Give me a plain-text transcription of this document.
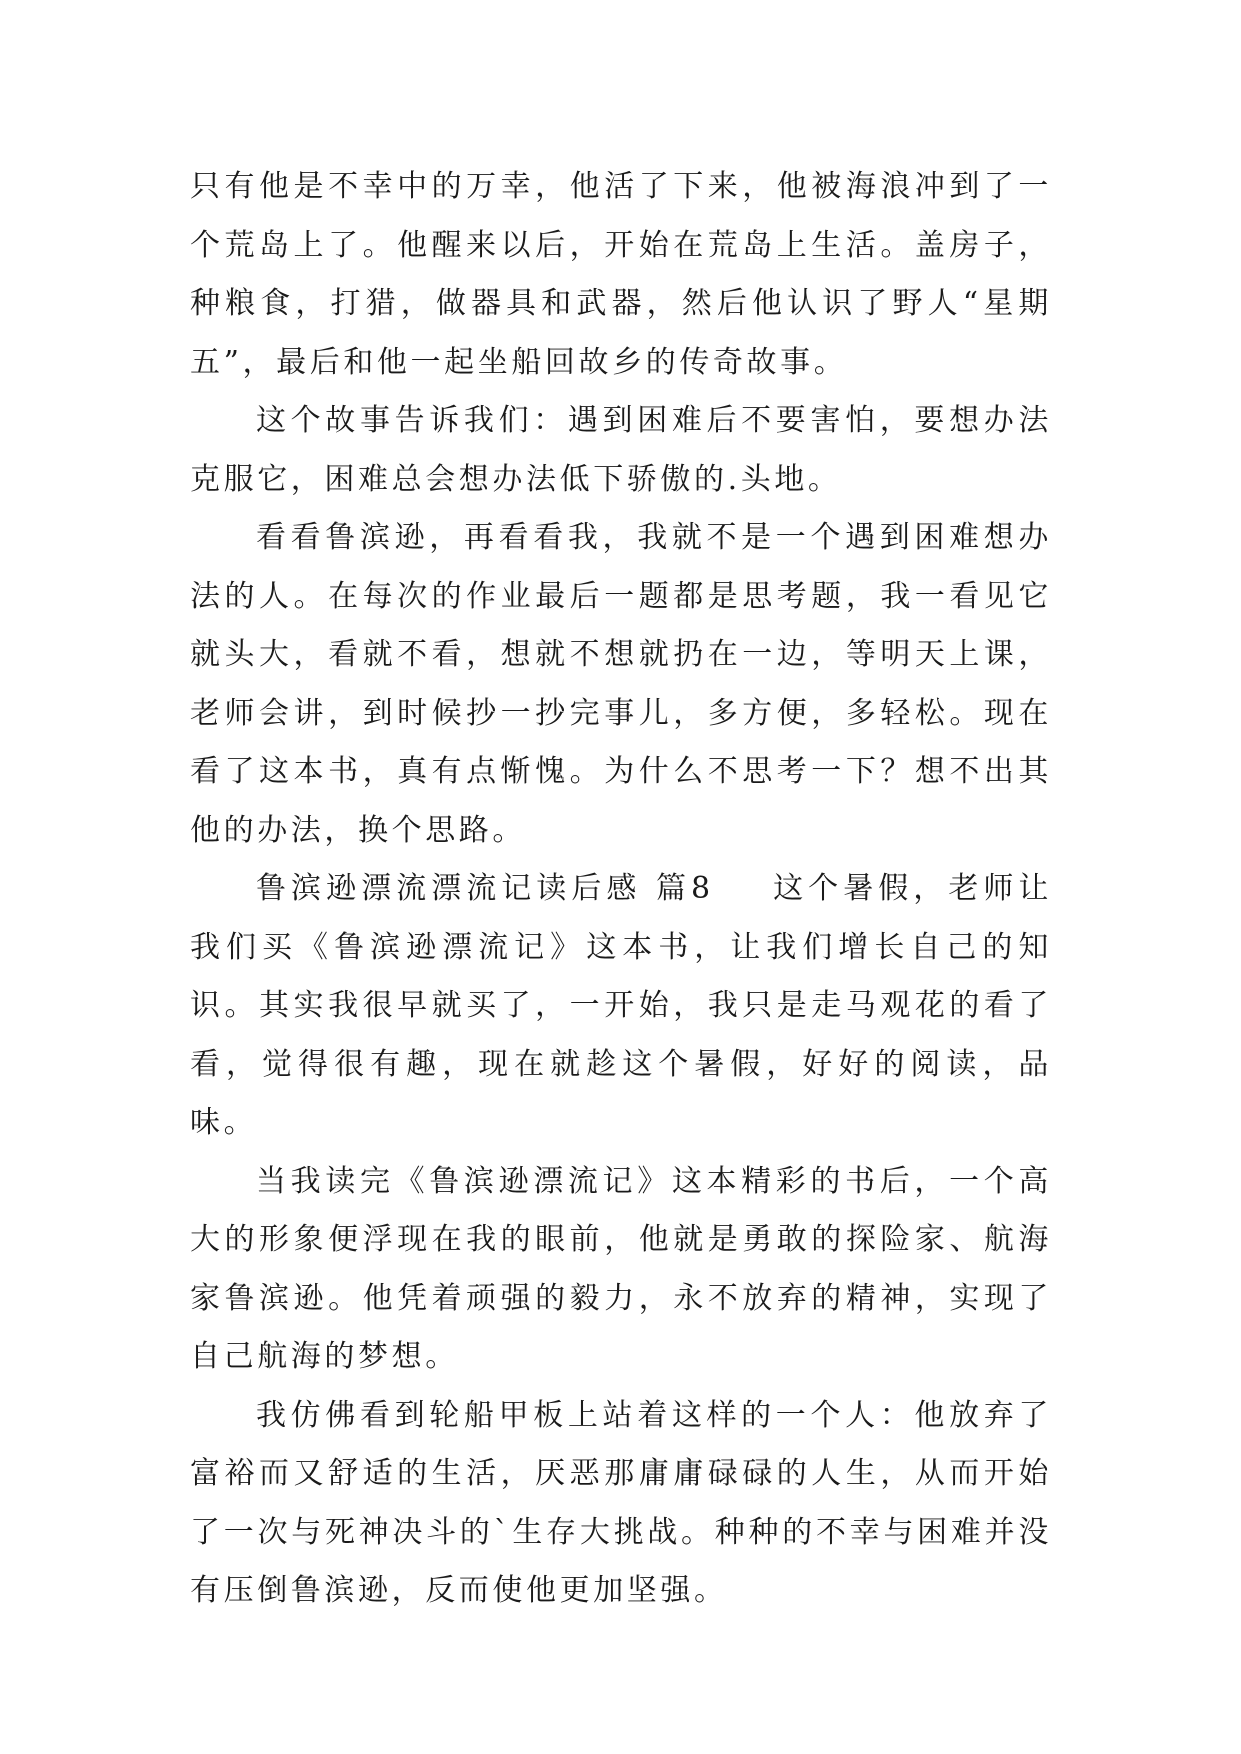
只有他是不幸中的万幸，他活了下来，他被海浪冲到了一个荒岛上了。他醒来以后，开始在荒岛上生活。盖房子，种粮食，打猎，做器具和武器，然后他认识了野人“星期五”，最后和他一起坐船回故乡的传奇故事。

这个故事告诉我们：遇到困难后不要害怕，要想办法克服它，困难总会想办法低下骄傲的.头地。

看看鲁滨逊，再看看我，我就不是一个遇到困难想办法的人。在每次的作业最后一题都是思考题，我一看见它就头大，看就不看，想就不想就扔在一边，等明天上课，老师会讲，到时候抄一抄完事儿，多方便，多轻松。现在看了这本书，真有点惭愧。为什么不思考一下？想不出其他的办法，换个思路。

鲁滨逊漂流漂流记读后感 篇8 这个暑假，老师让我们买《鲁滨逊漂流记》这本书，让我们增长自己的知识。其实我很早就买了，一开始，我只是走马观花的看了看，觉得很有趣，现在就趁这个暑假，好好的阅读，品味。

当我读完《鲁滨逊漂流记》这本精彩的书后，一个高大的形象便浮现在我的眼前，他就是勇敢的探险家、航海家鲁滨逊。他凭着顽强的毅力，永不放弃的精神，实现了自己航海的梦想。

我仿佛看到轮船甲板上站着这样的一个人：他放弃了富裕而又舒适的生活，厌恶那庸庸碌碌的人生，从而开始了一次与死神决斗的`生存大挑战。种种的不幸与困难并没有压倒鲁滨逊，反而使他更加坚强。
